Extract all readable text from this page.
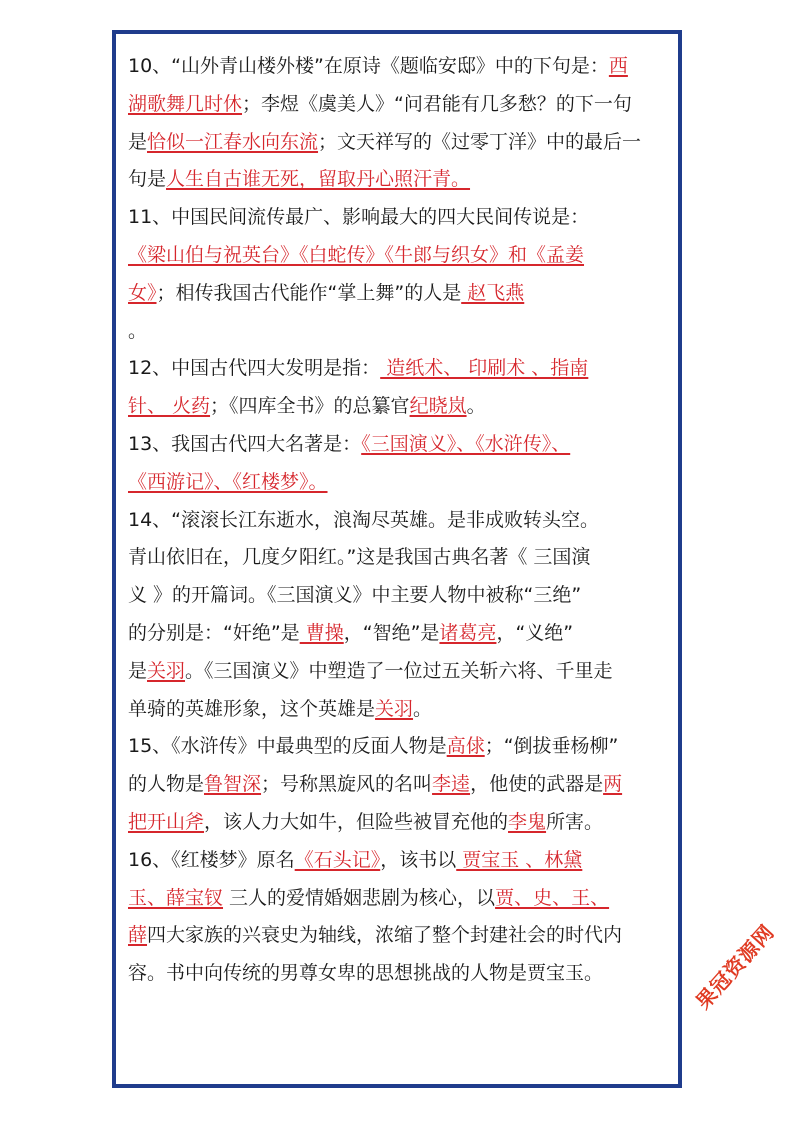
10、“山外青山楼外楼”在原诗《题临安邸》中的下句是：西
湖歌舞几时休；李煜《虞美人》“问君能有几多愁？的下一句
是恰似一江春水向东流；文天祥写的《过零丁洋》中的最后一
句是人生自古谁无死，留取丹心照汗青。
11、中国民间流传最广、影响最大的四大民间传说是：
《梁山伯与祝英台》《白蛇传》《牛郎与织女》和《孟姜
女》；相传我国古代能作“掌上舞”的人是 赵飞燕
。
12、中国古代四大发明是指： 造纸术、 印刷术 、指南
针、 火药；《四库全书》的总纂官纪晓岚。
13、我国古代四大名著是：《三国演义》、《水浒传》、
《西游记》、《红楼梦》。
14、“滚滚长江东逝水，浪淘尽英雄。是非成败转头空。
青山依旧在，几度夕阳红。”这是我国古典名著《 三国演
义 》的开篇词。《三国演义》中主要人物中被称“三绝”
的分别是：“奸绝”是 曹操，“智绝”是诸葛亮，“义绝”
是关羽。《三国演义》中塑造了一位过五关斩六将、千里走
单骑的英雄形象，这个英雄是关羽。
15、《水浒传》中最典型的反面人物是高俅；“倒拔垂杨柳”
的人物是鲁智深；号称黑旋风的名叫李逵，他使的武器是两
把开山斧，该人力大如牛，但险些被冒充他的李鬼所害。
16、《红楼梦》原名《石头记》，该书以 贾宝玉 、林黛
玉、薛宝钗 三人的爱情婚姻悲剧为核心，以贾、史、王、
薛四大家族的兴衰史为轴线，浓缩了整个封建社会的时代内
容。书中向传统的男尊女卑的思想挑战的人物是贾宝玉。	果冠资源网
